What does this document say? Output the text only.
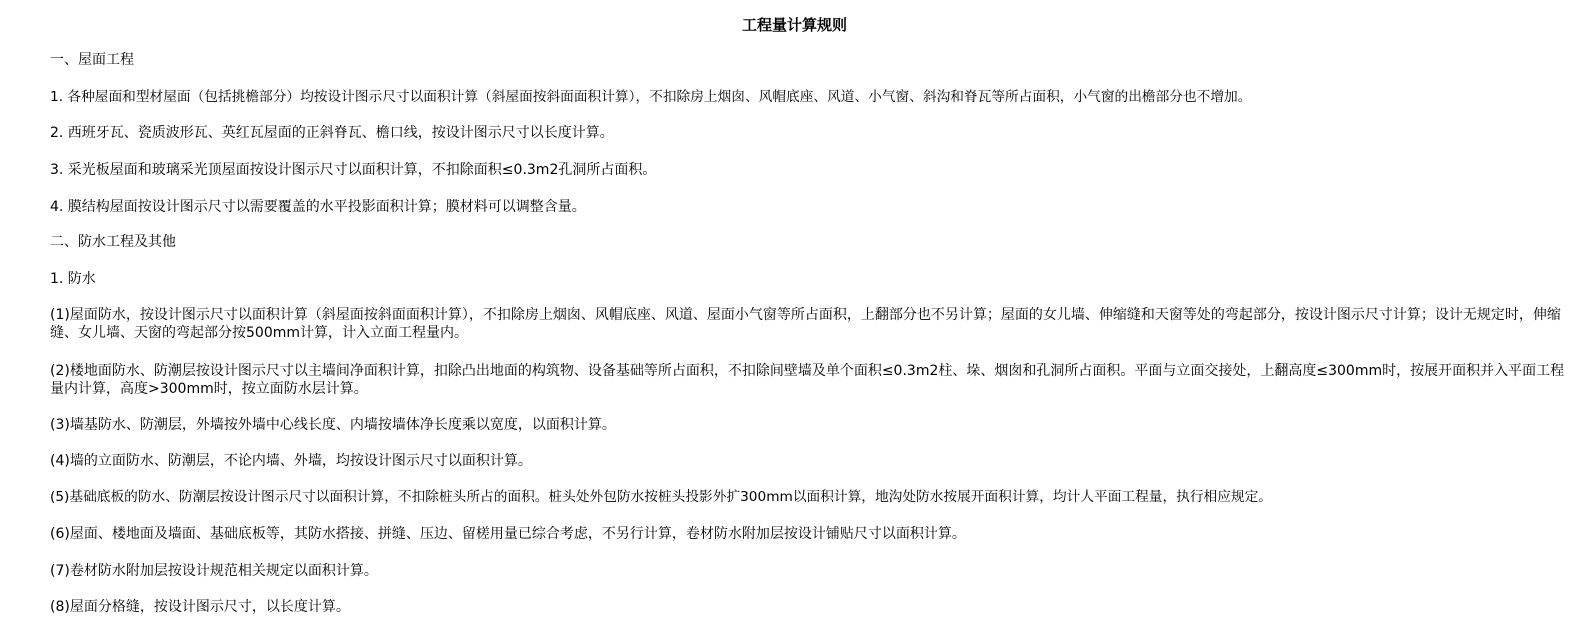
工程量计算规则
一、屋面工程
1. 各种屋面和型材屋面（包括挑檐部分）均按设计图示尺寸以面积计算（斜屋面按斜面面积计算），不扣除房上烟囱、风帽底座、风道、小气窗、斜沟和脊瓦等所占面积，小气窗的出檐部分也不增加。
2. 西班牙瓦、瓷质波形瓦、英红瓦屋面的正斜脊瓦、檐口线，按设计图示尺寸以长度计算。
3. 采光板屋面和玻璃采光顶屋面按设计图示尺寸以面积计算，不扣除面积≤0.3m2孔洞所占面积。
4. 膜结构屋面按设计图示尺寸以需要覆盖的水平投影面积计算；膜材料可以调整含量。
二、防水工程及其他
1. 防水
(1)屋面防水，按设计图示尺寸以面积计算（斜屋面按斜面面积计算），不扣除房上烟囱、风帽底座、风道、屋面小气窗等所占面积，上翻部分也不另计算；屋面的女儿墙、伸缩缝和天窗等处的弯起部分，按设计图示尺寸计算；设计无规定时，伸缩缝、女儿墙、天窗的弯起部分按500mm计算，计入立面工程量内。
(2)楼地面防水、防潮层按设计图示尺寸以主墙间净面积计算，扣除凸出地面的构筑物、设备基础等所占面积，不扣除间壁墙及单个面积≤0.3m2柱、垛、烟囱和孔洞所占面积。平面与立面交接处，上翻高度≤300mm时，按展开面积并入平面工程量内计算，高度>300mm时，按立面防水层计算。
(3)墙基防水、防潮层，外墙按外墙中心线长度、内墙按墙体净长度乘以宽度，以面积计算。
(4)墙的立面防水、防潮层，不论内墙、外墙，均按设计图示尺寸以面积计算。
(5)基础底板的防水、防潮层按设计图示尺寸以面积计算，不扣除桩头所占的面积。桩头处外包防水按桩头投影外扩300mm以面积计算，地沟处防水按展开面积计算，均计人平面工程量，执行相应规定。
(6)屋面、楼地面及墙面、基础底板等，其防水搭接、拼缝、压边、留槎用量已综合考虑，不另行计算，卷材防水附加层按设计铺贴尺寸以面积计算。
(7)卷材防水附加层按设计规范相关规定以面积计算。
(8)屋面分格缝，按设计图示尺寸，以长度计算。
